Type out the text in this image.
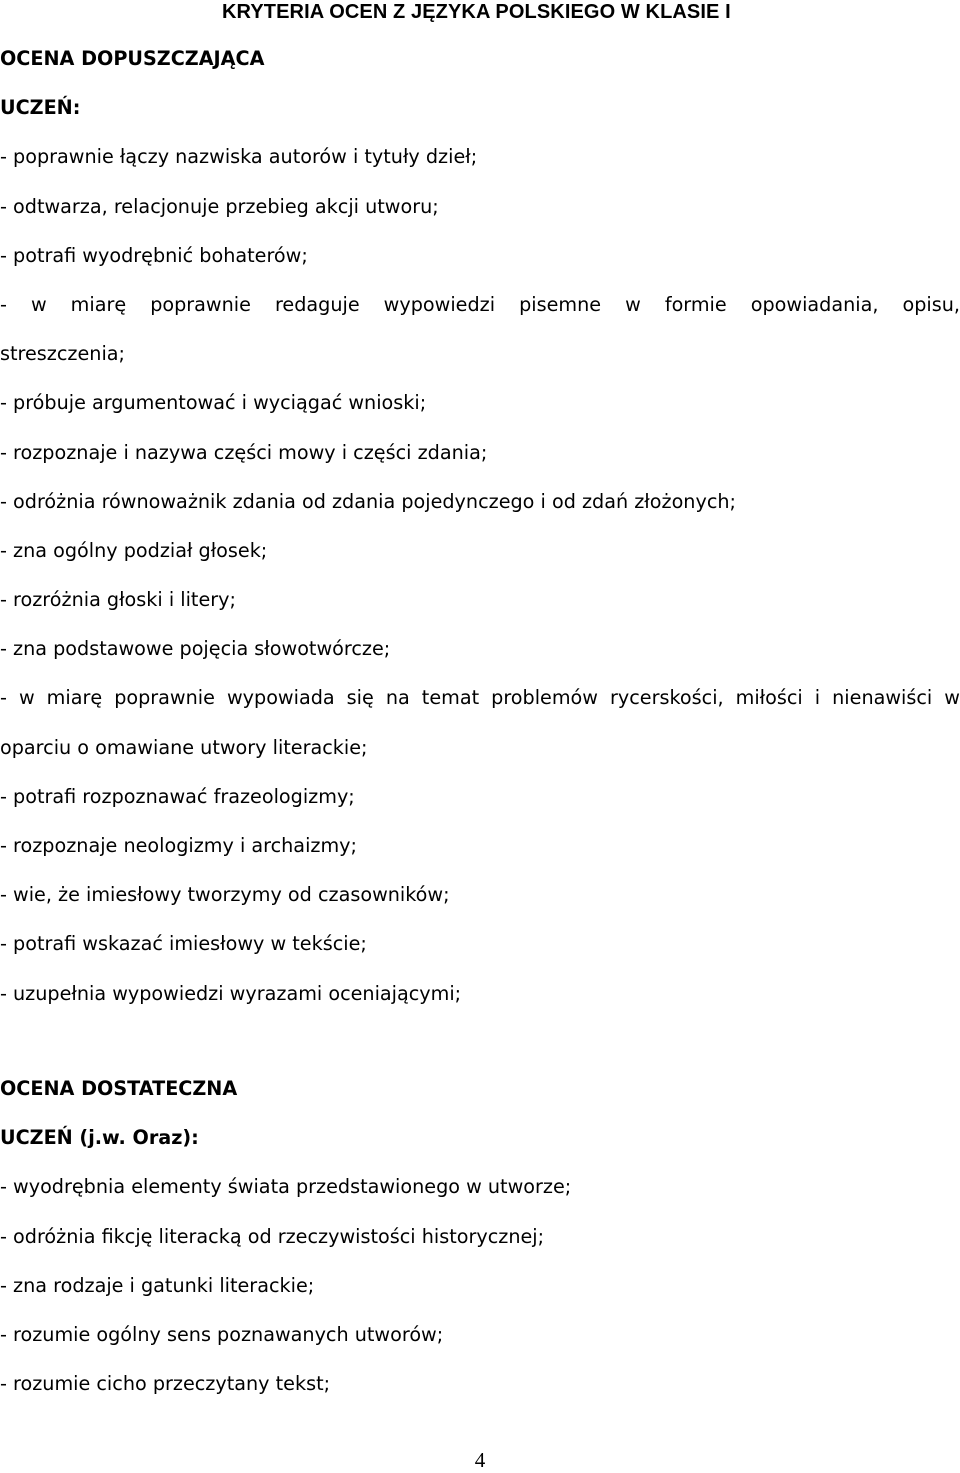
KRYTERIA OCEN Z JĘZYKA POLSKIEGO W KLASIE I
OCENA DOPUSZCZAJĄCA
UCZEŃ:
- poprawnie łączy nazwiska autorów i tytuły dzieł;
- odtwarza, relacjonuje przebieg akcji utworu;
- potrafi wyodrębnić bohaterów;
- w miarę poprawnie redaguje wypowiedzi pisemne w formie opowiadania, opisu,
streszczenia;
- próbuje argumentować i wyciągać wnioski;
- rozpoznaje i nazywa części mowy i części zdania;
- odróżnia równoważnik zdania od zdania pojedynczego i od zdań złożonych;
- zna ogólny podział głosek;
- rozróżnia głoski i litery;
- zna podstawowe pojęcia słowotwórcze;
- w miarę poprawnie wypowiada się na temat problemów rycerskości, miłości i nienawiści w
oparciu o omawiane utwory literackie;
- potrafi rozpoznawać frazeologizmy;
- rozpoznaje neologizmy i archaizmy;
- wie, że imiesłowy tworzymy od czasowników;
- potrafi wskazać imiesłowy w tekście;
- uzupełnia wypowiedzi wyrazami oceniającymi;
OCENA DOSTATECZNA
UCZEŃ (j.w. Oraz):
- wyodrębnia elementy świata przedstawionego w utworze;
- odróżnia fikcję literacką od rzeczywistości historycznej;
- zna rodzaje i gatunki literackie;
- rozumie ogólny sens poznawanych utworów;
- rozumie cicho przeczytany tekst;

4
